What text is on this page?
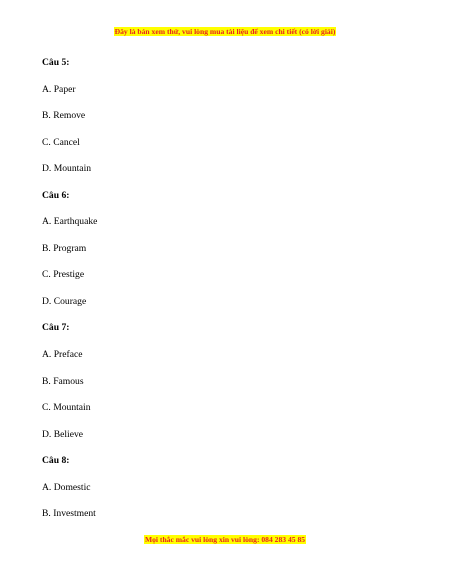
Đây là bản xem thử, vui lòng mua tài liệu để xem chi tiết (có lời giải)
Câu 5:
A. Paper
B. Remove
C. Cancel
D. Mountain
Câu 6:
A. Earthquake
B. Program
C. Prestige
D. Courage
Câu 7:
A. Preface
B. Famous
C. Mountain
D. Believe
Câu 8:
A. Domestic
B. Investment
Mọi thắc mắc vui lòng xin vui lòng: 084 283 45 85
